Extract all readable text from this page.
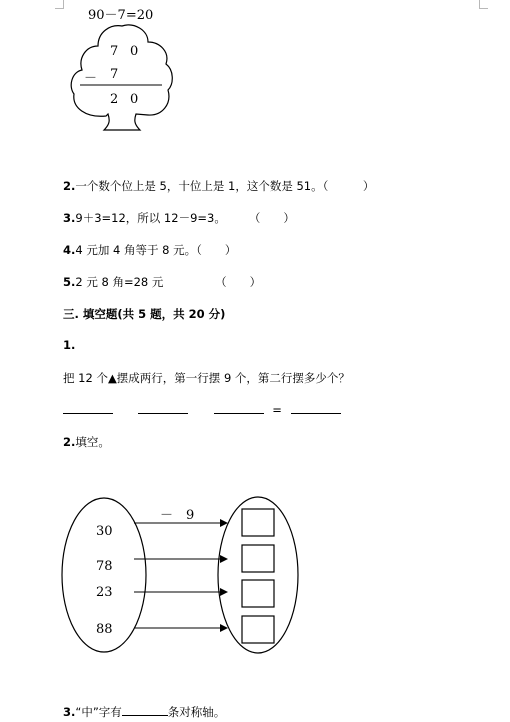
90－7=20
7 0
－ 7
2 0
2.一个数个位上是 5，十位上是 1，这个数是 51。（　　　）
3.9＋3=12，所以 12－9=3。　　　（　　）
4.4 元加 4 角等于 8 元。（　　）
5.2 元 8 角=28 元　　　　　（　　）
三. 填空题(共 5 题，共 20 分)
1.
把 12 个▲摆成两行，第一行摆 9 个，第二行摆多少个？
=
2.填空。
－　9
30
78
23
88
3.“中”字有	条对称轴。
